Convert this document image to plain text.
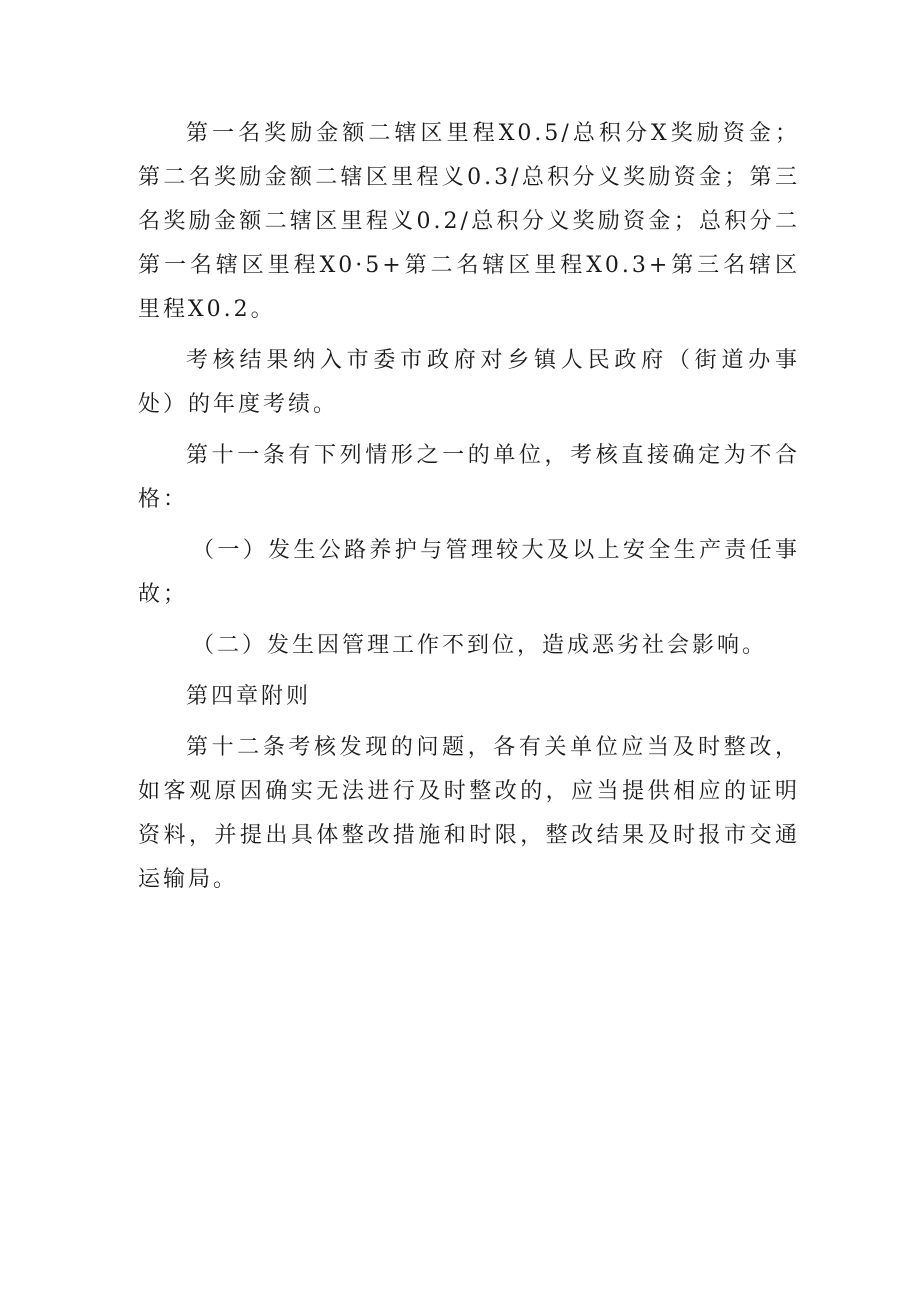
第一名奖励金额二辖区里程X0.5/总积分X奖励资金；第二名奖励金额二辖区里程义0.3/总积分义奖励资金；第三名奖励金额二辖区里程义0.2/总积分义奖励资金；总积分二第一名辖区里程X0·5+第二名辖区里程X0.3+第三名辖区里程X0.2。

考核结果纳入市委市政府对乡镇人民政府（街道办事处）的年度考绩。

第十一条有下列情形之一的单位，考核直接确定为不合格：

（一）发生公路养护与管理较大及以上安全生产责任事故；

（二）发生因管理工作不到位，造成恶劣社会影响。

第四章附则

第十二条考核发现的问题，各有关单位应当及时整改，如客观原因确实无法进行及时整改的，应当提供相应的证明资料，并提出具体整改措施和时限，整改结果及时报市交通运输局。
